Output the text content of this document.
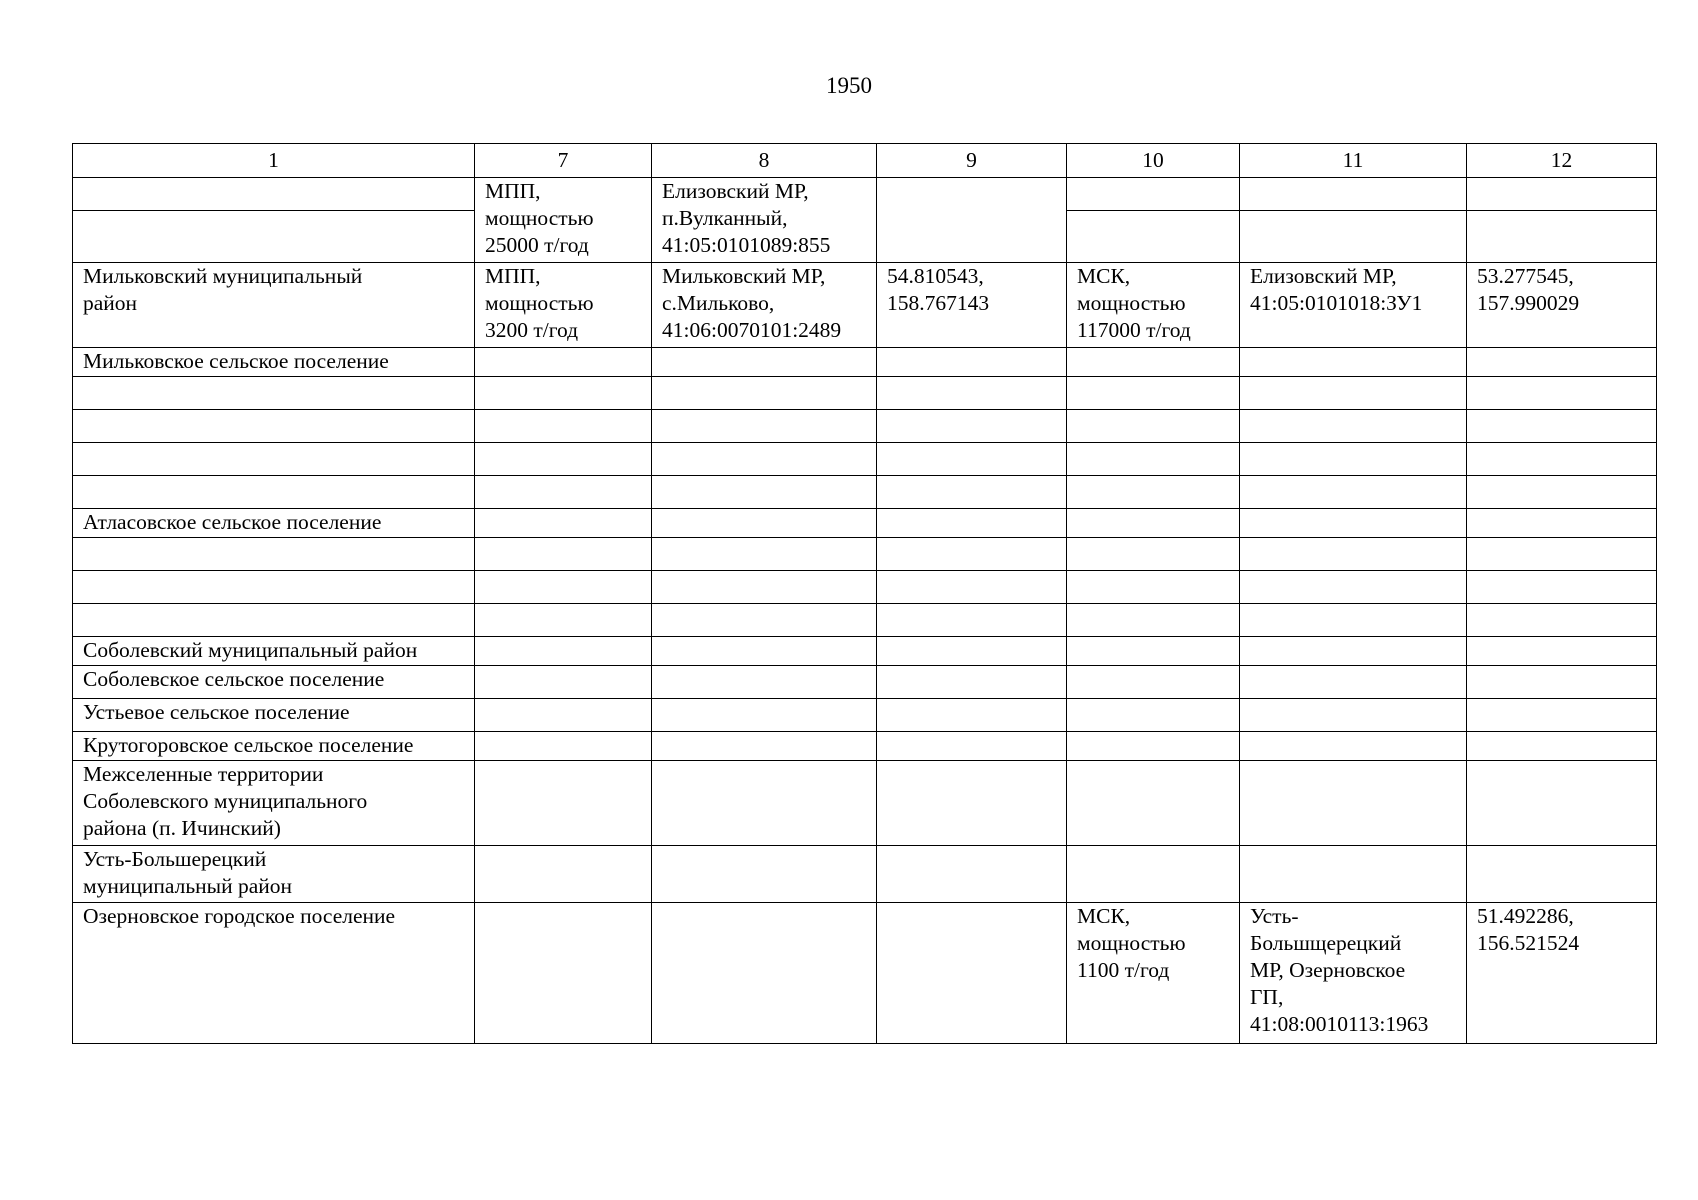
1950
1	7	8	9	10	11	12

	МПП,
мощностью
25000 т/год	Елизовский МР,
п.Вулканный,
41:05:0101089:855				

Мильковский муниципальный
район	МПП,
мощностью
3200 т/год	Мильковский МР,
с.Мильково,
41:06:0070101:2489	54.810543,
158.767143	МСК,
мощностью
117000 т/год	Елизовский МР,
41:05:0101018:ЗУ1	53.277545,
157.990029

Мильковское сельское поселение						

Атласовское сельское поселение						

Соболевский муниципальный район						
Соболевское сельское поселение						
Устьевое сельское поселение						
Крутогоровское сельское поселение						

Межселенные территории
Соболевского муниципального
района (п. Ичинский)						

Усть-Большерецкий
муниципальный район						

Озерновское городское поселение				МСК,
мощностью
1100 т/год	Усть-
Большщерецкий
МР, Озерновское
ГП,
41:08:0010113:1963	51.492286,
156.521524
